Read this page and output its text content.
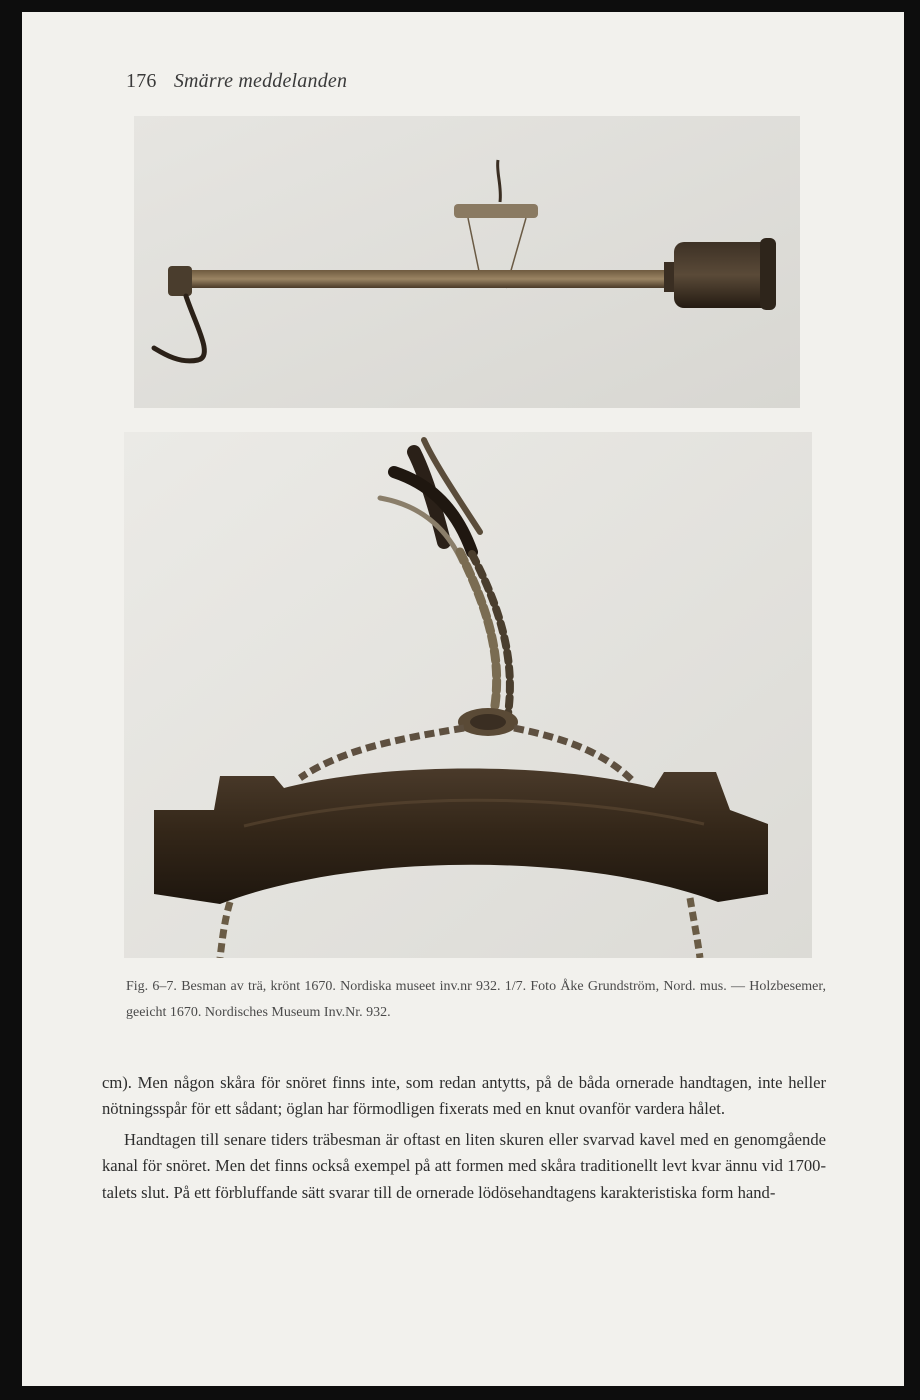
176 Smärre meddelanden
Fig. 6–7. Besman av trä, krönt 1670. Nordiska museet inv.nr 932. 1/7. Foto Åke Grundström, Nord. mus. — Holzbesemer, geeicht 1670. Nordisches Museum Inv.Nr. 932.

cm). Men någon skåra för snöret finns inte, som redan antytts, på de båda ornerade handtagen, inte heller nötningsspår för ett sådant; öglan har förmodligen fixerats med en knut ovanför vardera hålet.

Handtagen till senare tiders träbesman är oftast en liten skuren eller svarvad kavel med en genomgående kanal för snöret. Men det finns också exempel på att formen med skåra traditionellt levt kvar ännu vid 1700-talets slut. På ett förbluffande sätt svarar till de ornerade lödösehandtagens karakteristiska form hand-
